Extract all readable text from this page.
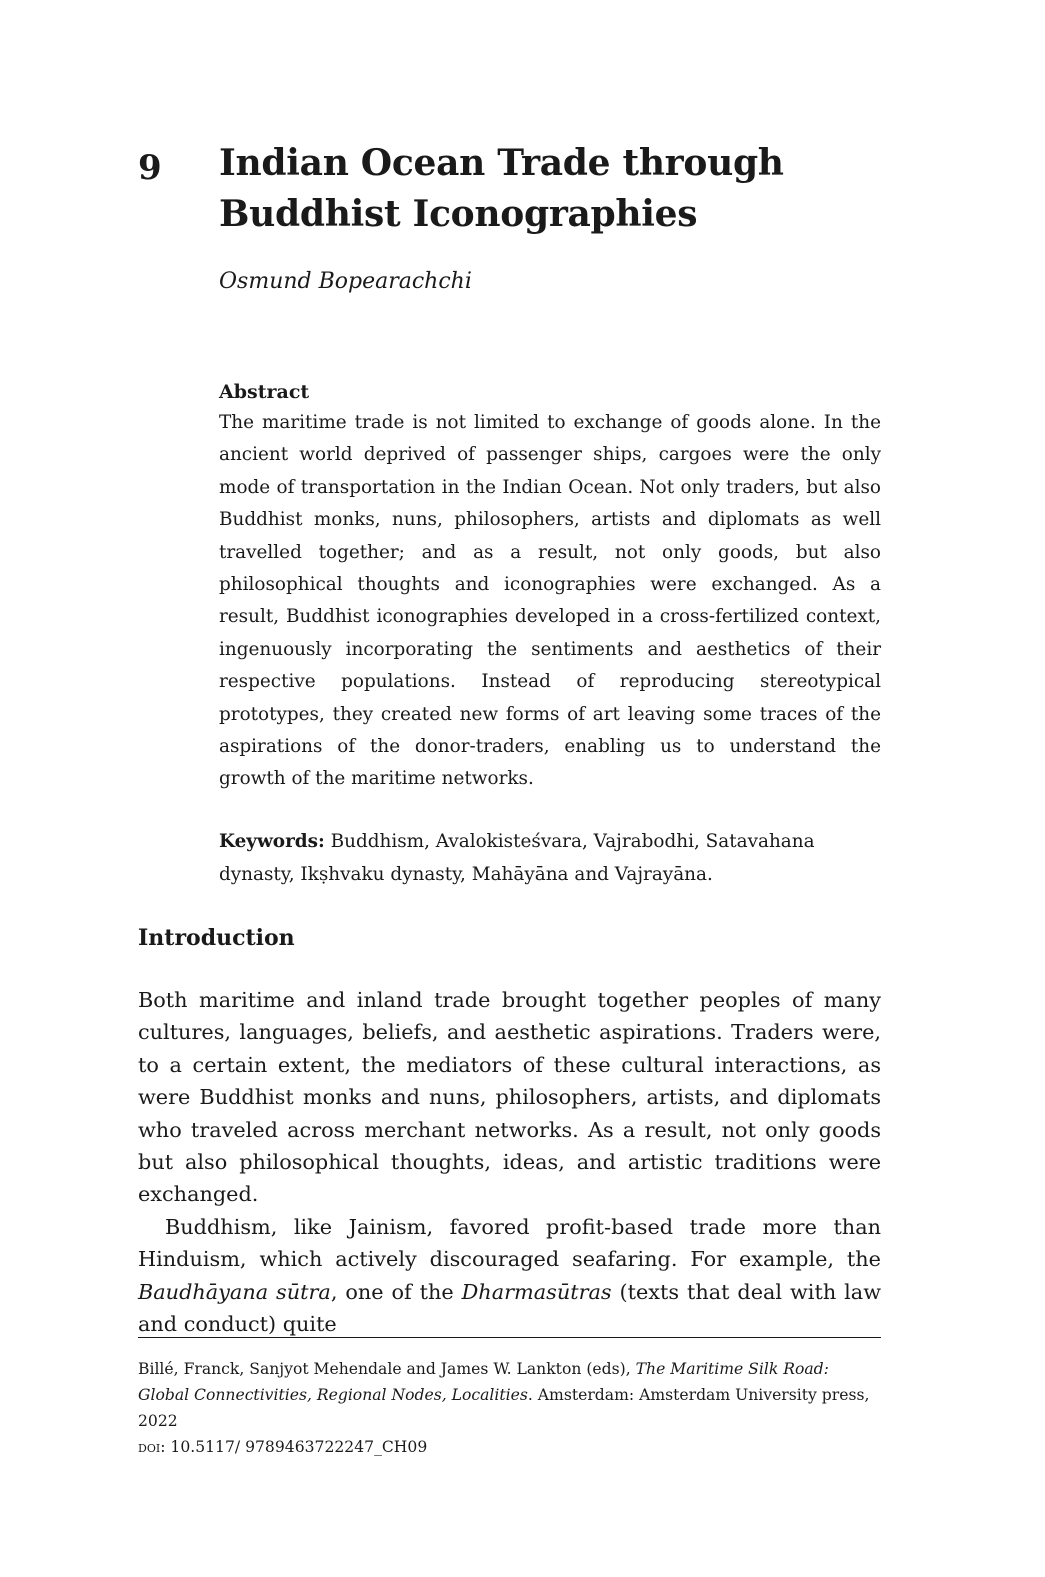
9 Indian Ocean Trade through Buddhist Iconographies

Osmund Bopearachchi

Abstract

The maritime trade is not limited to exchange of goods alone. In the ancient world deprived of passenger ships, cargoes were the only mode of transportation in the Indian Ocean. Not only traders, but also Buddhist monks, nuns, philosophers, artists and diplomats as well travelled together; and as a result, not only goods, but also philosophical thoughts and iconographies were exchanged. As a result, Buddhist iconographies developed in a cross-fertilized context, ingenuously incorporating the sentiments and aesthetics of their respective populations. Instead of reproducing stereotypical prototypes, they created new forms of art leaving some traces of the aspirations of the donor-traders, enabling us to understand the growth of the maritime networks.

Keywords: Buddhism, Avalokisteśvara, Vajrabodhi, Satavahana dynasty, Ikṣhvaku dynasty, Mahāyāna and Vajrayāna.

Introduction

Both maritime and inland trade brought together peoples of many cultures, languages, beliefs, and aesthetic aspirations. Traders were, to a certain extent, the mediators of these cultural interactions, as were Buddhist monks and nuns, philosophers, artists, and diplomats who traveled across merchant networks. As a result, not only goods but also philosophical thoughts, ideas, and artistic traditions were exchanged.

Buddhism, like Jainism, favored profit-based trade more than Hinduism, which actively discouraged seafaring. For example, the Baudhāyana sūtra, one of the Dharmasūtras (texts that deal with law and conduct) quite

Billé, Franck, Sanjyot Mehendale and James W. Lankton (eds), The Maritime Silk Road: Global Connectivities, Regional Nodes, Localities. Amsterdam: Amsterdam University press, 2022

doi: 10.5117/ 9789463722247_CH09
